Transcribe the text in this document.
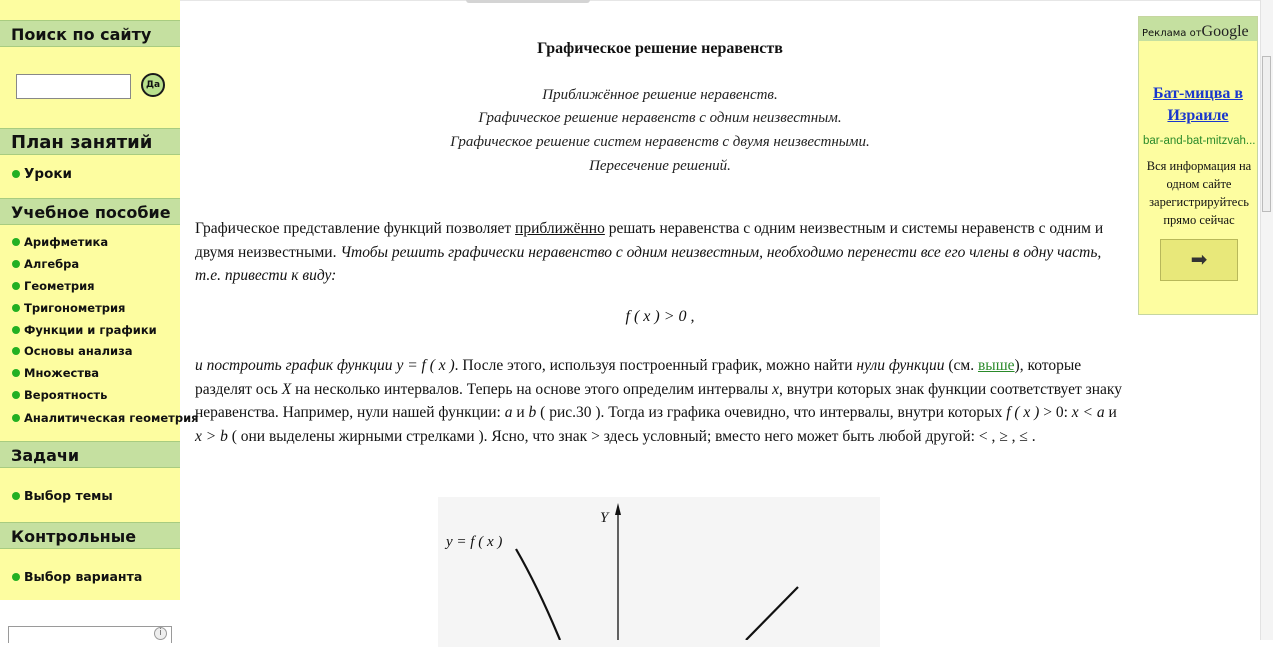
Поиск по сайту
Да
План занятий
Уроки
Учебное пособие
Арифметика
Алгебра
Геометрия
Тригонометрия
Функции и графики
Основы анализа
Множества
Вероятность
Аналитическая геометрия
Задачи
Выбор темы
Контрольные
Выбор варианта
i
Графическое решение неравенств
Приближённое решение неравенств.
Графическое решение неравенств с одним неизвестным.
Графическое решение систем неравенств с двумя неизвестными.
Пересечение решений.
Графическое представление функций позволяет приближённо решать неравенства с одним неизвестным и системы неравенств с одним и двумя неизвестными. Чтобы решить графически неравенство с одним неизвестным, необходимо перенести все его члены в одну часть, т.е. привести к виду:
f ( x ) > 0 ,
и построить график функции y = f ( x ). После этого, используя построенный график, можно найти нули функции (см. выше), которые разделят ось X на несколько интервалов. Теперь на основе этого определим интервалы x, внутри которых знак функции соответствует знаку неравенства. Например, нули нашей функции: a и b ( рис.30 ). Тогда из графика очевидно, что интервалы, внутри которых f ( x ) > 0: x < a и x > b ( они выделены жирными стрелками ). Ясно, что знак > здесь условный; вместо него может быть любой другой: < , ≥ , ≤ .
Y
y = f ( x )
Реклама отGoogle
Бат-мицва в Израиле
bar-and-bat-mitzvah...
Вся информация на одном сайте зарегистрируйтесь прямо сейчас
➡
